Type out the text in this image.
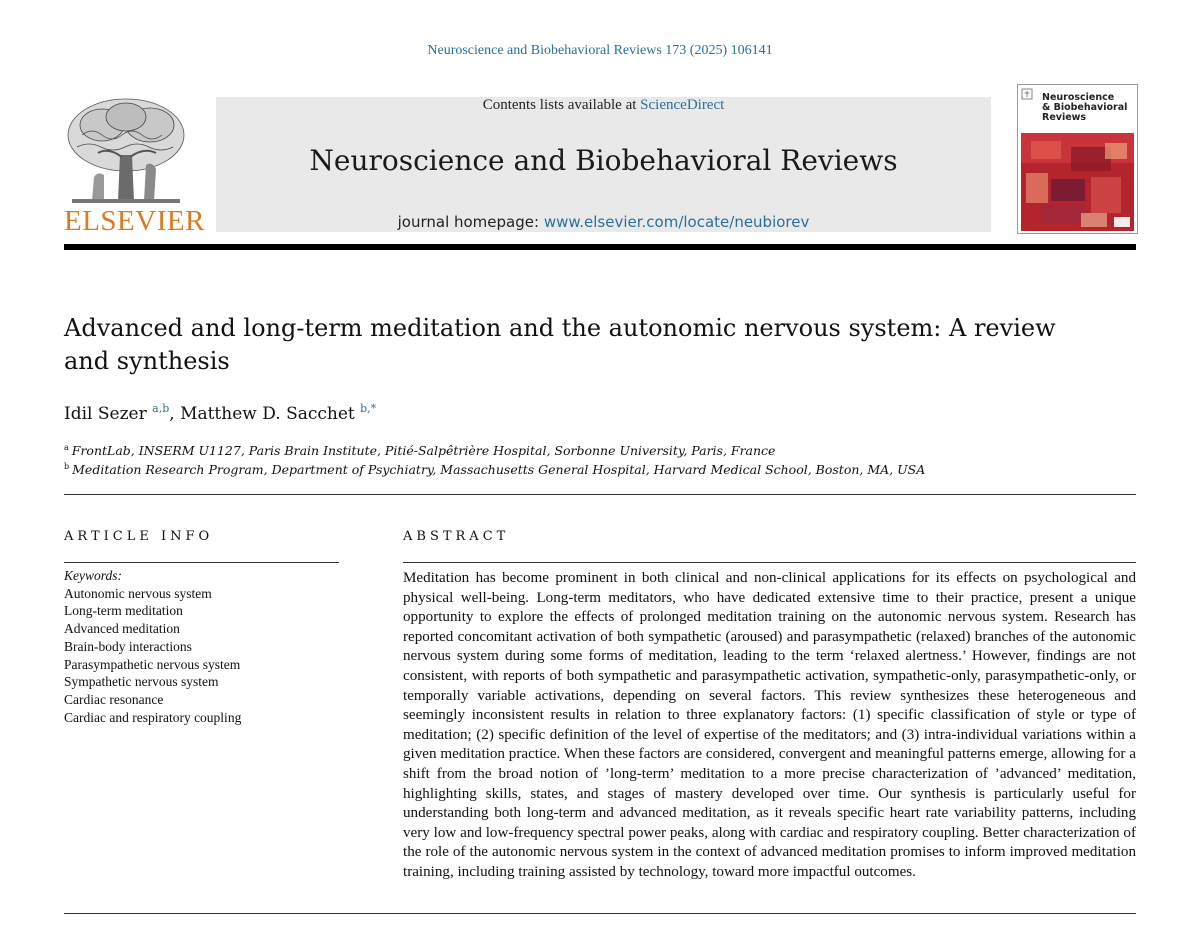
Neuroscience and Biobehavioral Reviews 173 (2025) 106141
ELSEVIER
Contents lists available at ScienceDirect
Neuroscience and Biobehavioral Reviews
journal homepage: www.elsevier.com/locate/neubiorev
Neuroscience
& Biobehavioral
Reviews
Advanced and long-term meditation and the autonomic nervous system: A review and synthesis
Idil Sezer $^{a,b}$, Matthew D. Sacchet $^{b,*}$
$^a$ FrontLab, INSERM U1127, Paris Brain Institute, Pitié-Salpêtrière Hospital, Sorbonne University, Paris, France
$^b$ Meditation Research Program, Department of Psychiatry, Massachusetts General Hospital, Harvard Medical School, Boston, MA, USA
ARTICLE INFO
Keywords:
Autonomic nervous system
Long-term meditation
Advanced meditation
Brain-body interactions
Parasympathetic nervous system
Sympathetic nervous system
Cardiac resonance
Cardiac and respiratory coupling
ABSTRACT
Meditation has become prominent in both clinical and non-clinical applications for its effects on psychological and physical well-being. Long-term meditators, who have dedicated extensive time to their practice, present a unique opportunity to explore the effects of prolonged meditation training on the autonomic nervous system. Research has reported concomitant activation of both sympathetic (aroused) and parasympathetic (relaxed) branches of the autonomic nervous system during some forms of meditation, leading to the term ‘relaxed alertness.’ However, findings are not consistent, with reports of both sympathetic and parasympathetic activation, sympathetic-only, parasympathetic-only, or temporally variable activations, depending on several factors. This review synthesizes these heterogeneous and seemingly inconsistent results in relation to three explanatory factors: (1) specific classification of style or type of meditation; (2) specific definition of the level of expertise of the meditators; and (3) intra-individual variations within a given meditation practice. When these factors are considered, convergent and meaningful patterns emerge, allowing for a shift from the broad notion of ’long-term’ meditation to a more precise characterization of ’advanced’ meditation, highlighting skills, states, and stages of mastery developed over time. Our synthesis is particularly useful for understanding both long-term and advanced meditation, as it reveals specific heart rate variability patterns, including very low and low-frequency spectral power peaks, along with cardiac and respiratory coupling. Better characterization of the role of the autonomic nervous system in the context of advanced meditation promises to inform improved meditation training, including training assisted by technology, toward more impactful outcomes.
